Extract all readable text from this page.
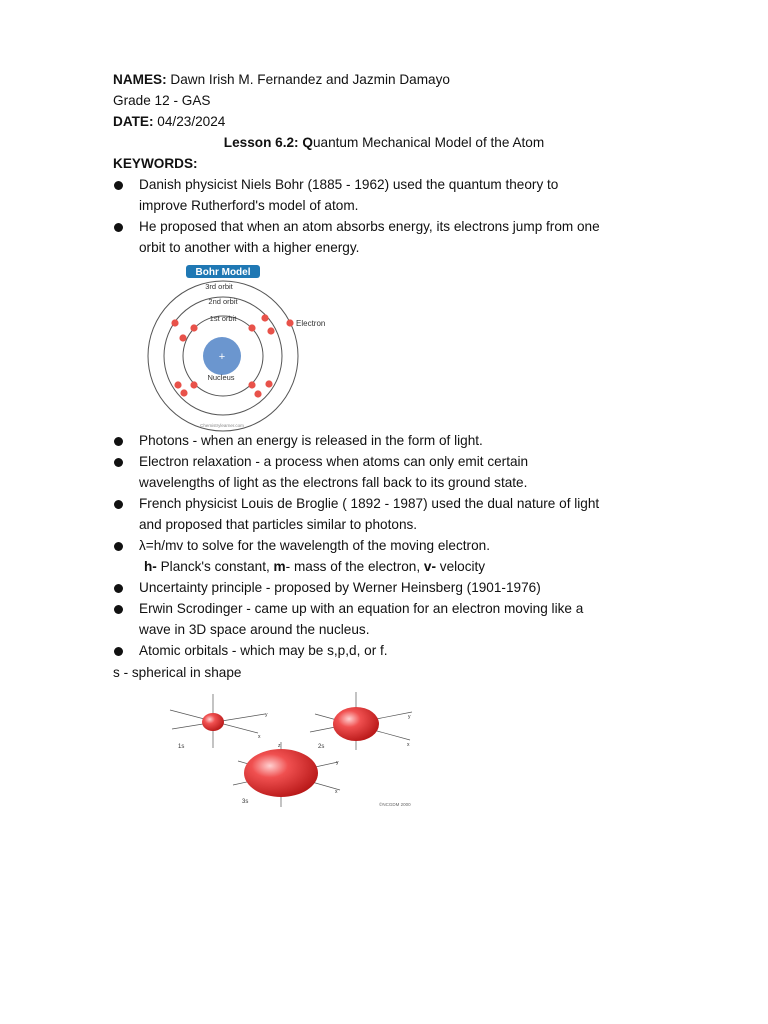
NAMES: Dawn Irish M. Fernandez and Jazmin Damayo
Grade 12 - GAS
DATE: 04/23/2024
Lesson 6.2: Quantum Mechanical Model of the Atom
KEYWORDS:
Danish physicist Niels Bohr (1885 - 1962) used the quantum theory to
improve Rutherford's model of atom.
He proposed that when an atom absorbs energy, its electrons jump from one
orbit to another with a higher energy.
Bohr Model
3rd orbit
2nd orbit
1st orbit
+
Nucleus
Electron
Chemistrylearner.com
Photons - when an energy is released in the form of light.
Electron relaxation - a process when atoms can only emit certain
wavelengths of light as the electrons fall back to its ground state.
French physicist Louis de Broglie ( 1892 - 1987) used the dual nature of light
and proposed that particles similar to photons.
λ=h/mv to solve for the wavelength of the moving electron.
h- Planck's constant, m- mass of the electron, v- velocity
Uncertainty principle - proposed by Werner Heinsberg (1901-1976)
Erwin Scrodinger - came up with an equation for an electron moving like a
wave in 3D space around the nucleus.
Atomic orbitals - which may be s,p,d, or f.
s - spherical in shape
1s
y
x
2s
y
x
3s
z
y
x
©NCGDM 2000
